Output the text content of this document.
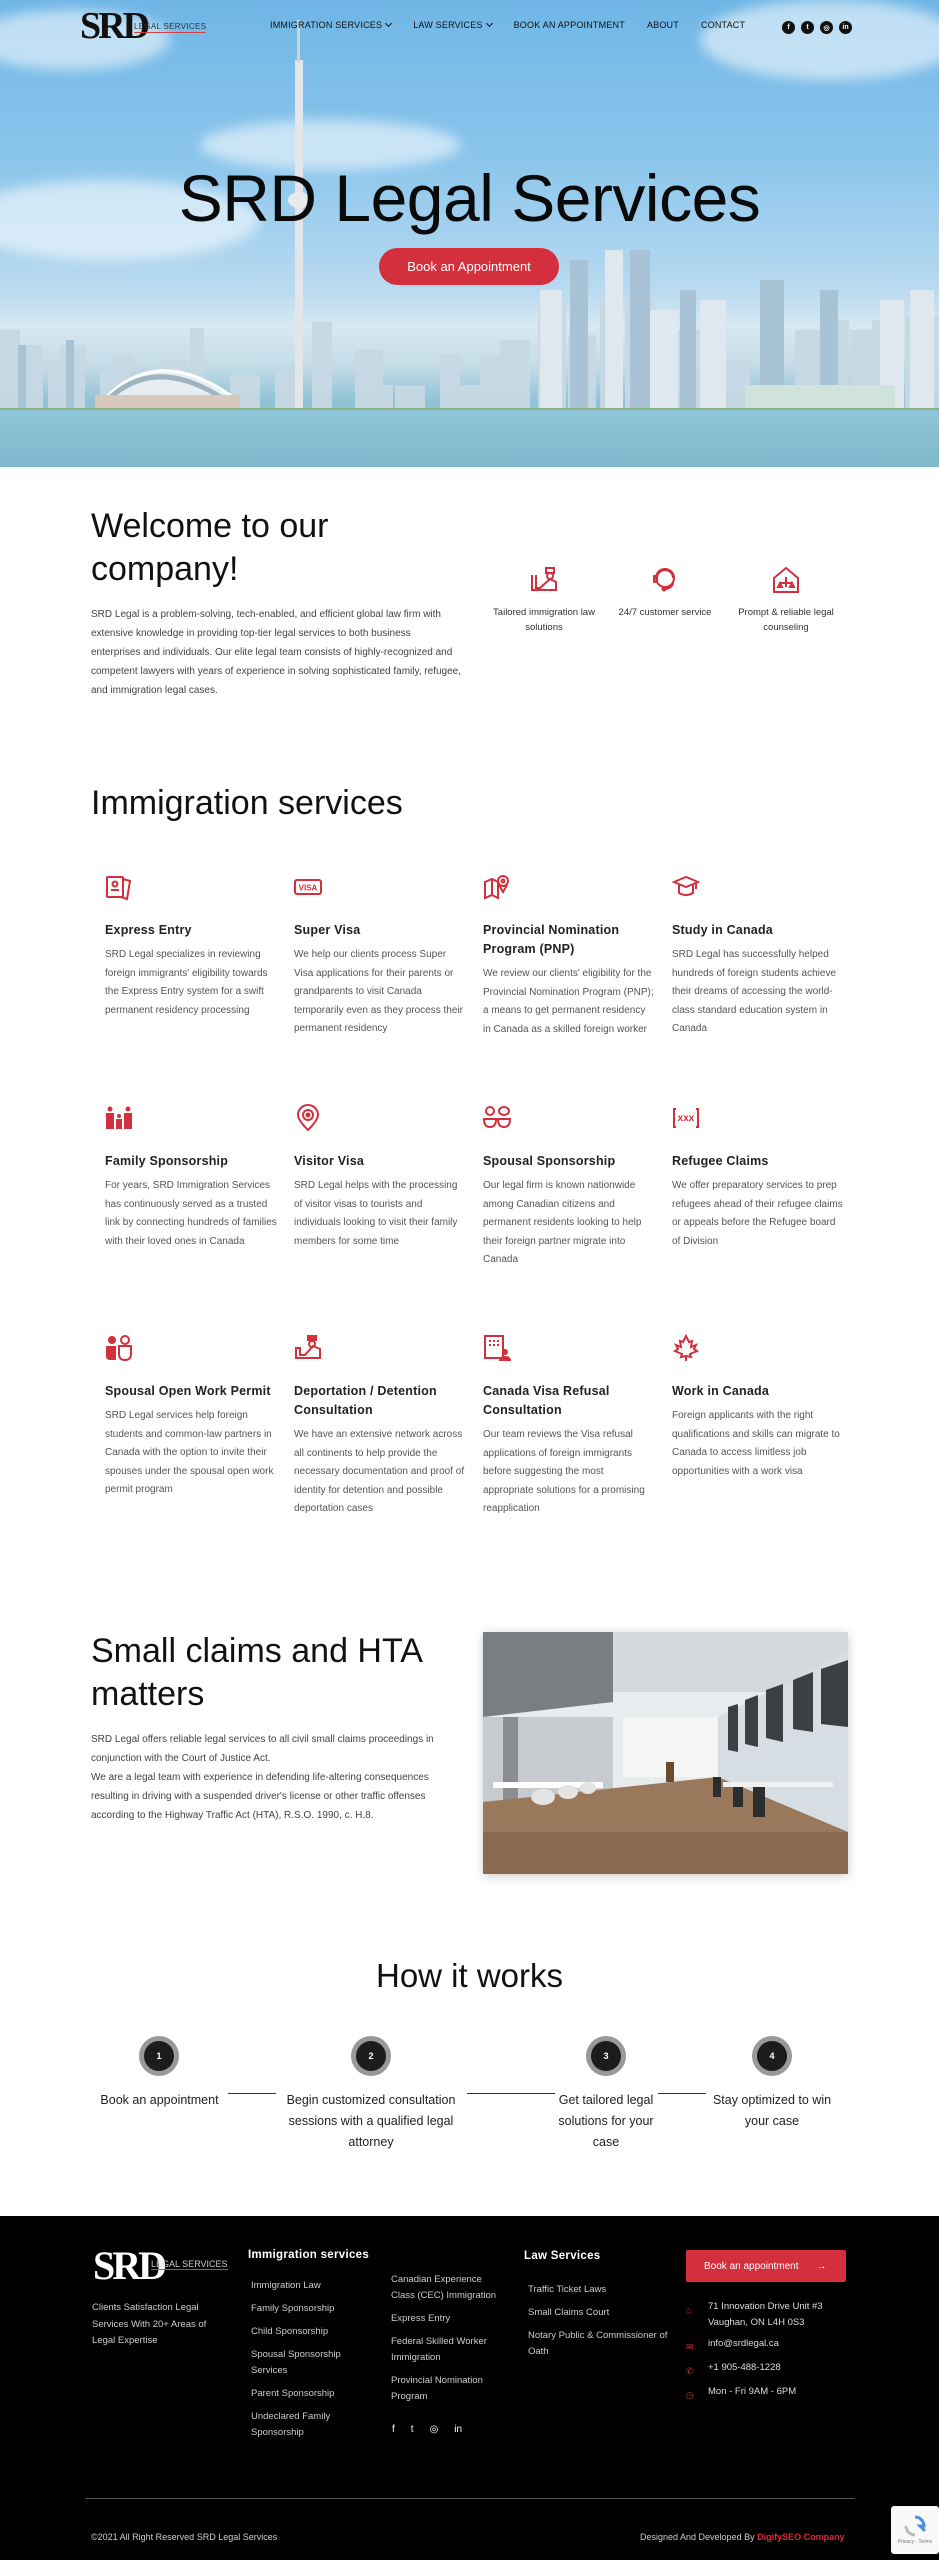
SRD
LEGAL SERVICES	IMMIGRATION SERVICES	LAW SERVICES	BOOK AN APPOINTMENT ABOUT CONTACT	f	t	◎	in
SRD Legal Services
Book an Appointment
Welcome to our company!

SRD Legal is a problem-solving, tech-enabled, and efficient global law firm with extensive knowledge in providing top-tier legal services to both business enterprises and individuals. Our elite legal team consists of highly-recognized and competent lawyers with years of experience in solving sophisticated family, refugee, and immigration legal cases.

Tailored immigration law solutions
24/7 customer service	Prompt & reliable legal counseling
Immigration services
Express Entry

SRD Legal specializes in reviewing foreign immigrants' eligibility towards the Express Entry system for a swift permanent residency processing

VISA
Super Visa

We help our clients process Super Visa applications for their parents or grandparents to visit Canada temporarily even as they process their permanent residency

Provincial Nomination Program (PNP)

We review our clients' eligibility for the Provincial Nomination Program (PNP); a means to get permanent residency in Canada as a skilled foreign worker

Study in Canada

SRD Legal has successfully helped hundreds of foreign students achieve their dreams of accessing the world-class standard education system in Canada

Family Sponsorship

For years, SRD Immigration Services has continuously served as a trusted link by connecting hundreds of families with their loved ones in Canada

Visitor Visa

SRD Legal helps with the processing of visitor visas to tourists and individuals looking to visit their family members for some time

Spousal Sponsorship

Our legal firm is known nationwide among Canadian citizens and permanent residents looking to help their foreign partner migrate into Canada

xxx
Refugee Claims

We offer preparatory services to prep refugees ahead of their refugee claims or appeals before the Refugee board of Division

Spousal Open Work Permit

SRD Legal services help foreign students and common-law partners in Canada with the option to invite their spouses under the spousal open work permit program

Deportation / Detention Consultation

We have an extensive network across all continents to help provide the necessary documentation and proof of identity for detention and possible deportation cases

Canada Visa Refusal Consultation

Our team reviews the Visa refusal applications of foreign immigrants before suggesting the most appropriate solutions for a promising reapplication

Work in Canada

Foreign applicants with the right qualifications and skills can migrate to Canada to access limitless job opportunities with a work visa

Small claims and HTA matters

SRD Legal offers reliable legal services to all civil small claims proceedings in conjunction with the Court of Justice Act.

We are a legal team with experience in defending life-altering consequences resulting in driving with a suspended driver's license or other traffic offenses according to the Highway Traffic Act (HTA), R.S.O. 1990, c. H.8.

How it works
1	2	3	4
Book an appointment	Begin customized consultation sessions with a qualified legal attorney
Get tailored legal solutions for your case
Stay optimized to win your case
SRD
LEGAL SERVICES

Clients Satisfaction Legal Services With 20+ Areas of Legal Expertise

Immigration services
Immigration Law
Family Sponsorship
Child Sponsorship
Spousal Sponsorship Services
Parent Sponsorship
Undeclared Family Sponsorship
Canadian Experience Class (CEC) Immigration
Express Entry
Federal Skilled Worker Immigration
Provincial Nomination Program
f t ◎ in
Law Services
Traffic Ticket Laws
Small Claims Court
Notary Public & Commissioner of Oath
Book an appointment →
⌂	71 Innovation Drive Unit #3
Vaughan, ON L4H 0S3
✉ info@srdlegal.ca
✆ +1 905-488-1228
◷ Mon - Fri 9AM - 6PM
©2021 All Right Reserved SRD Legal Services	Designed And Developed By DigifySEO Company	Privacy - Terms
